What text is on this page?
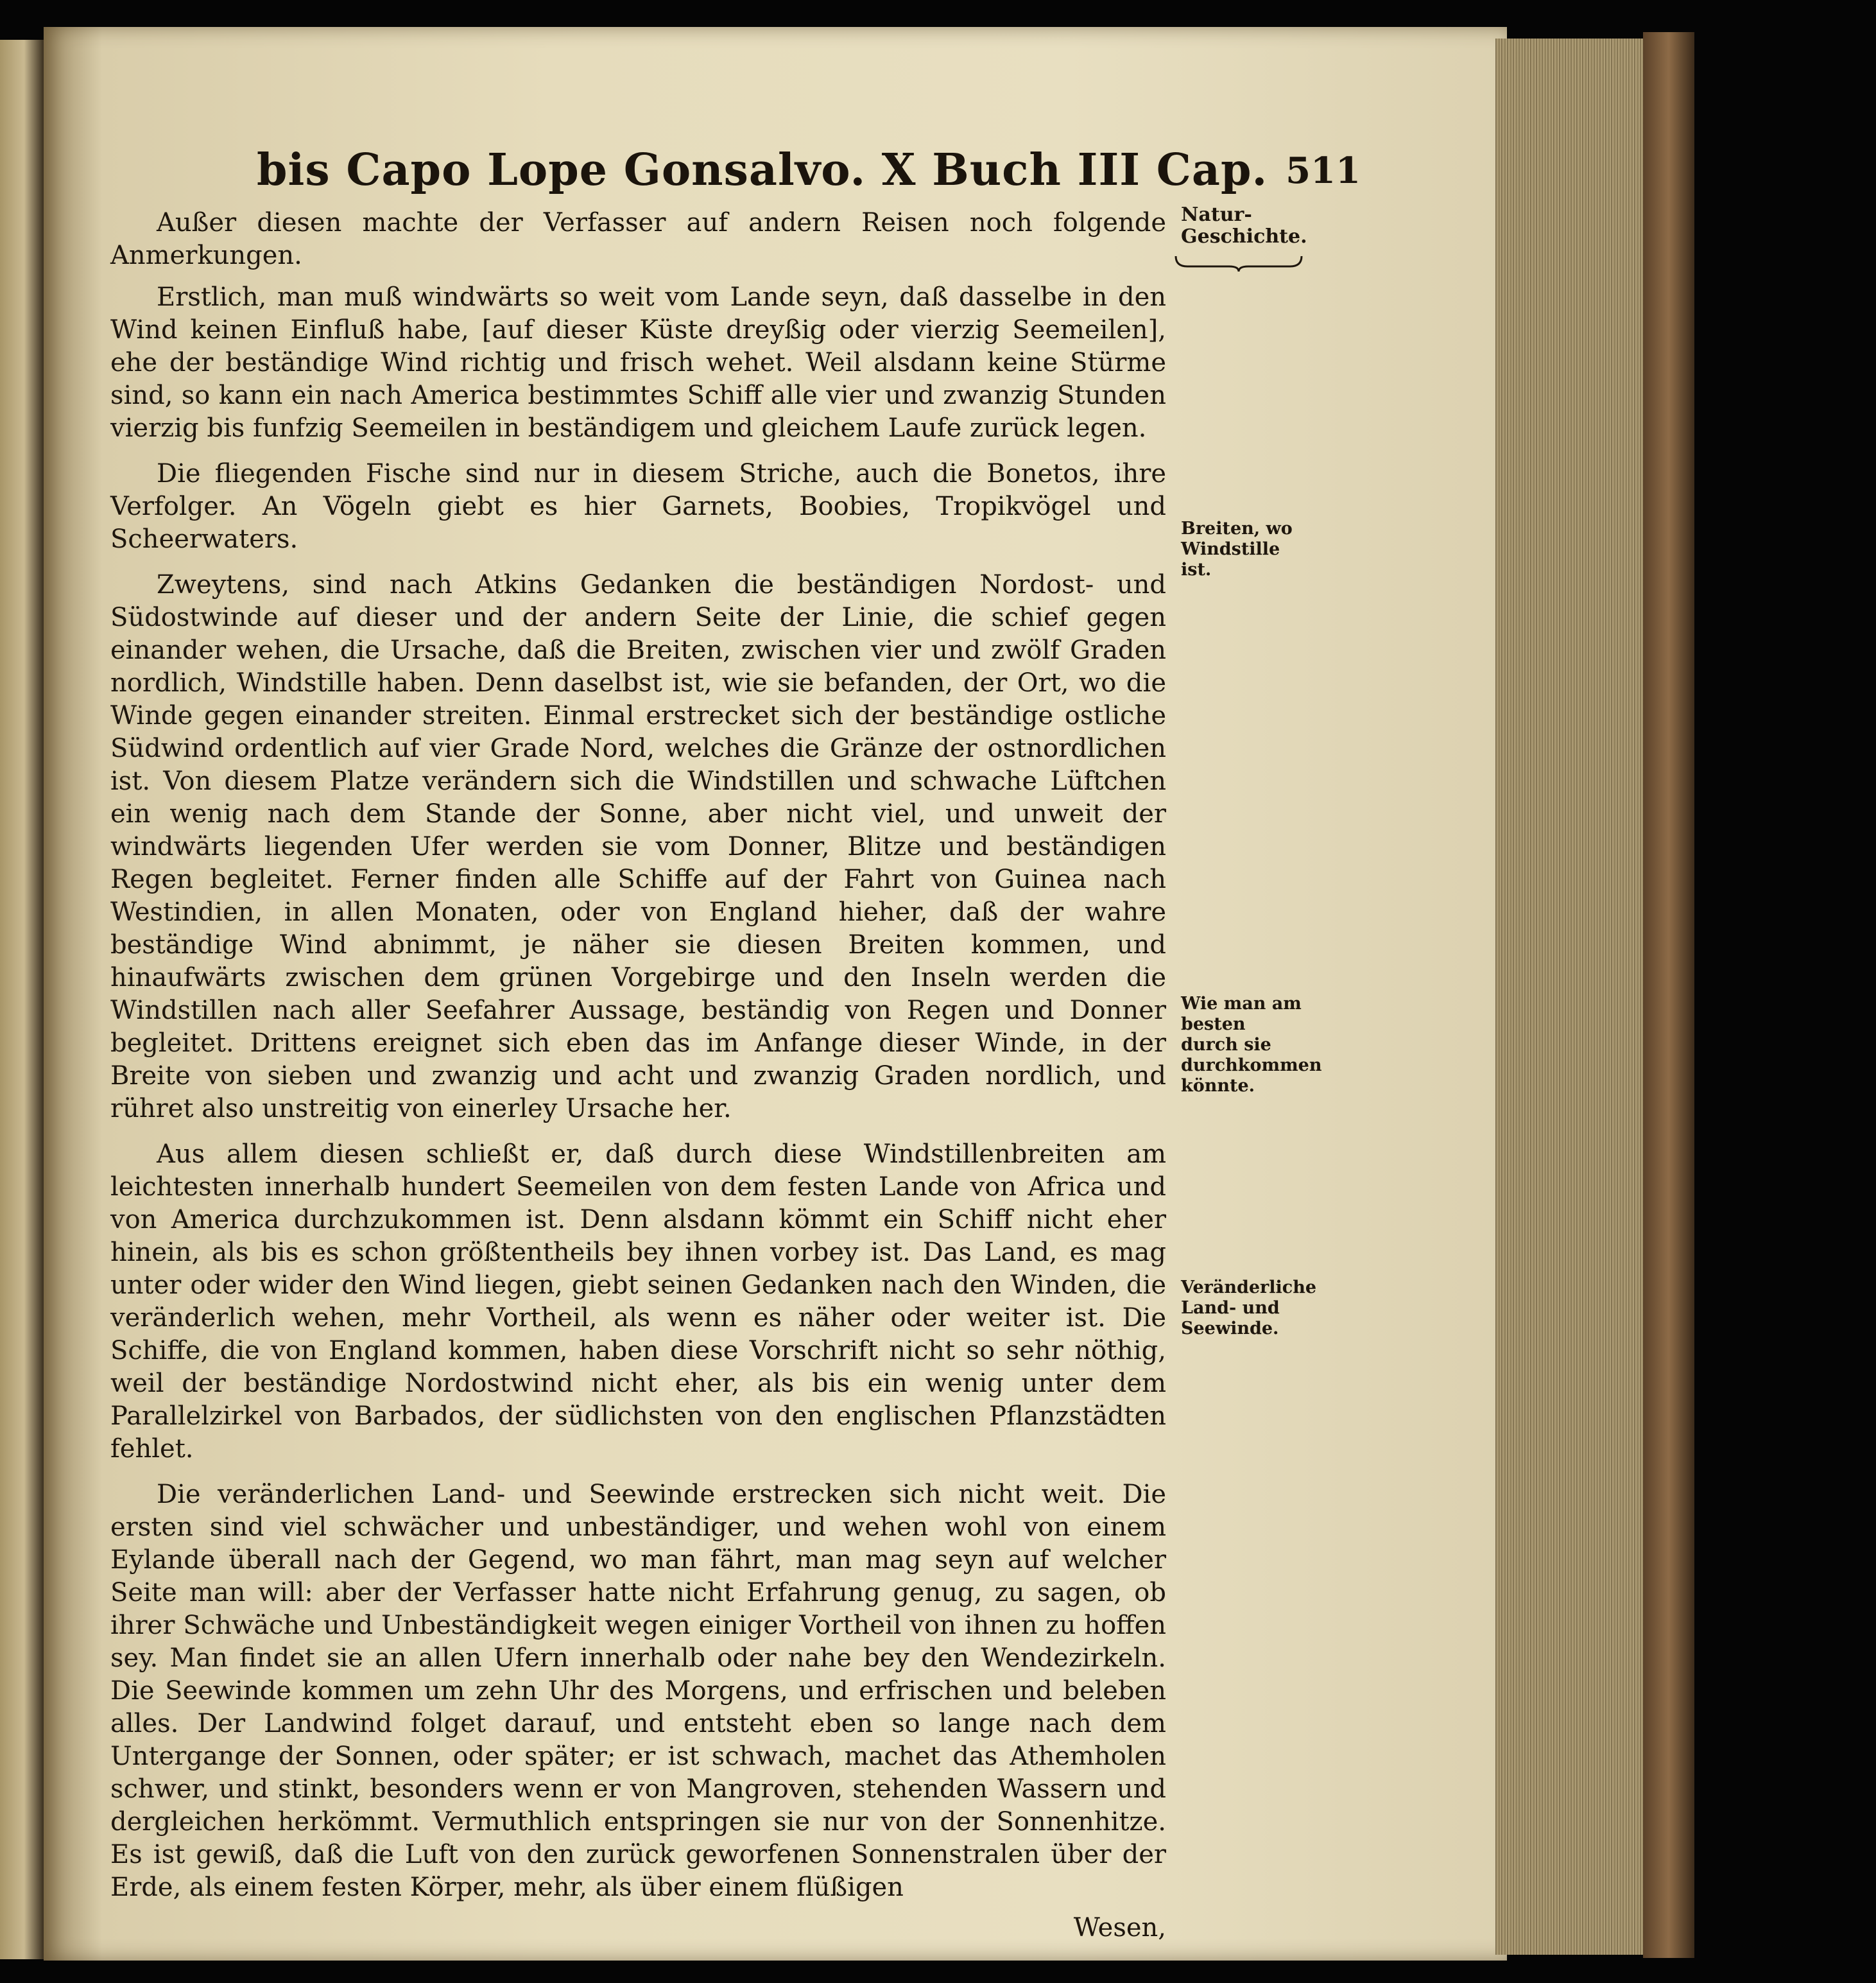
bis Capo Lope Gonsalvo. X Buch III Cap. 511

Außer diesen machte der Verfasser auf andern Reisen noch folgende Anmerkungen.

Erstlich, man muß windwärts so weit vom Lande seyn, daß dasselbe in den Wind keinen Einfluß habe, [auf dieser Küste dreyßig oder vierzig Seemeilen], ehe der beständige Wind richtig und frisch wehet. Weil alsdann keine Stürme sind, so kann ein nach America bestimmtes Schiff alle vier und zwanzig Stunden vierzig bis funfzig Seemeilen in beständigem und gleichem Laufe zurück legen.

Die fliegenden Fische sind nur in diesem Striche, auch die Bonetos, ihre Verfolger. An Vögeln giebt es hier Garnets, Boobies, Tropikvögel und Scheerwaters.

Zweytens, sind nach Atkins Gedanken die beständigen Nordost- und Südostwinde auf dieser und der andern Seite der Linie, die schief gegen einander wehen, die Ursache, daß die Breiten, zwischen vier und zwölf Graden nordlich, Windstille haben. Denn daselbst ist, wie sie befanden, der Ort, wo die Winde gegen einander streiten. Einmal erstrecket sich der beständige ostliche Südwind ordentlich auf vier Grade Nord, welches die Gränze der ostnordlichen ist. Von diesem Platze verändern sich die Windstillen und schwache Lüftchen ein wenig nach dem Stande der Sonne, aber nicht viel, und unweit der windwärts liegenden Ufer werden sie vom Donner, Blitze und beständigen Regen begleitet. Ferner finden alle Schiffe auf der Fahrt von Guinea nach Westindien, in allen Monaten, oder von England hieher, daß der wahre beständige Wind abnimmt, je näher sie diesen Breiten kommen, und hinaufwärts zwischen dem grünen Vorgebirge und den Inseln werden die Windstillen nach aller Seefahrer Aussage, beständig von Regen und Donner begleitet. Drittens ereignet sich eben das im Anfange dieser Winde, in der Breite von sieben und zwanzig und acht und zwanzig Graden nordlich, und rühret also unstreitig von einerley Ursache her.

Aus allem diesen schließt er, daß durch diese Windstillenbreiten am leichtesten innerhalb hundert Seemeilen von dem festen Lande von Africa und von America durchzukommen ist. Denn alsdann kömmt ein Schiff nicht eher hinein, als bis es schon größtentheils bey ihnen vorbey ist. Das Land, es mag unter oder wider den Wind liegen, giebt seinen Gedanken nach den Winden, die veränderlich wehen, mehr Vortheil, als wenn es näher oder weiter ist. Die Schiffe, die von England kommen, haben diese Vorschrift nicht so sehr nöthig, weil der beständige Nordostwind nicht eher, als bis ein wenig unter dem Parallelzirkel von Barbados, der südlichsten von den englischen Pflanzstädten fehlet.

Die veränderlichen Land- und Seewinde erstrecken sich nicht weit. Die ersten sind viel schwächer und unbeständiger, und wehen wohl von einem Eylande überall nach der Gegend, wo man fährt, man mag seyn auf welcher Seite man will: aber der Verfasser hatte nicht Erfahrung genug, zu sagen, ob ihrer Schwäche und Unbeständigkeit wegen einiger Vortheil von ihnen zu hoffen sey. Man findet sie an allen Ufern innerhalb oder nahe bey den Wendezirkeln. Die Seewinde kommen um zehn Uhr des Morgens, und erfrischen und beleben alles. Der Landwind folget darauf, und entsteht eben so lange nach dem Untergange der Sonnen, oder später; er ist schwach, machet das Athemholen schwer, und stinkt, besonders wenn er von Mangroven, stehenden Wassern und dergleichen herkömmt. Vermuthlich entspringen sie nur von der Sonnenhitze. Es ist gewiß, daß die Luft von den zurück geworfenen Sonnenstralen über der Erde, als einem festen Körper, mehr, als über einem flüßigen

Wesen,
Natur-Geschichte.
Breiten, wo Windstille ist.
Wie man am besten durch sie durchkommen könnte.
Veränderliche Land- und Seewinde.
